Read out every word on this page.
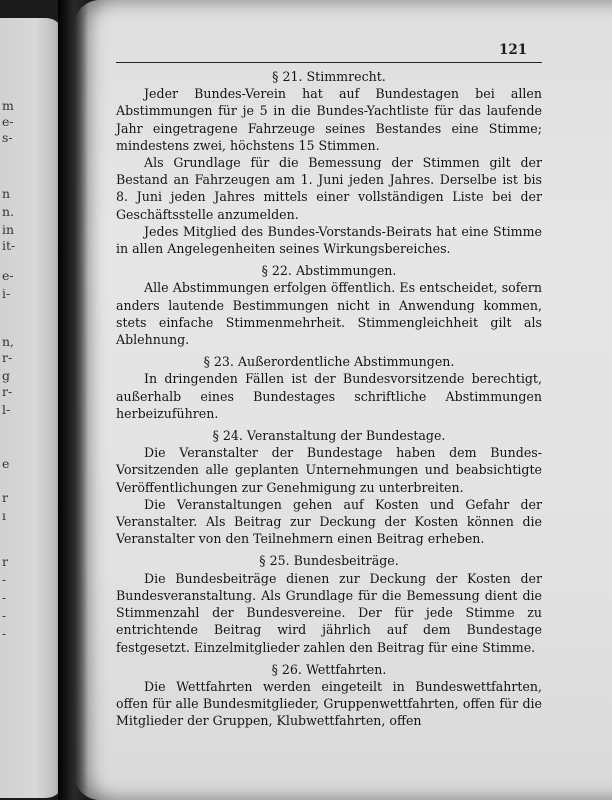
m
e-
s-
n
n.
in
it-
e-
i-
n,
r-
g
r-
l-
e
r
ı
r
-
-
-
-
121

§ 21. Stimmrecht.

Jeder Bundes-Verein hat auf Bundestagen bei allen Abstimmungen für je 5 in die Bundes-Yachtliste für das laufende Jahr eingetragene Fahrzeuge seines Bestandes eine Stimme; mindestens zwei, höchstens 15 Stimmen.

Als Grundlage für die Bemessung der Stimmen gilt der Bestand an Fahrzeugen am 1. Juni jeden Jahres. Derselbe ist bis 8. Juni jeden Jahres mittels einer vollständigen Liste bei der Geschäftsstelle anzumelden.

Jedes Mitglied des Bundes-Vorstands-Beirats hat eine Stimme in allen Angelegenheiten seines Wirkungsbereiches.

§ 22. Abstimmungen.

Alle Abstimmungen erfolgen öffentlich. Es entscheidet, sofern anders lautende Bestimmungen nicht in Anwendung kommen, stets einfache Stimmenmehrheit. Stimmengleichheit gilt als Ablehnung.

§ 23. Außerordentliche Abstimmungen.

In dringenden Fällen ist der Bundesvorsitzende berechtigt, außerhalb eines Bundestages schriftliche Abstimmungen herbeizuführen.

§ 24. Veranstaltung der Bundestage.

Die Veranstalter der Bundestage haben dem Bundes-Vorsitzenden alle geplanten Unternehmungen und beabsichtigte Veröffentlichungen zur Genehmigung zu unterbreiten.

Die Veranstaltungen gehen auf Kosten und Gefahr der Veranstalter. Als Beitrag zur Deckung der Kosten können die Veranstalter von den Teilnehmern einen Beitrag erheben.

§ 25. Bundesbeiträge.

Die Bundesbeiträge dienen zur Deckung der Kosten der Bundesveranstaltung. Als Grundlage für die Bemessung dient die Stimmenzahl der Bundesvereine. Der für jede Stimme zu entrichtende Beitrag wird jährlich auf dem Bundestage festgesetzt. Einzelmitglieder zahlen den Beitrag für eine Stimme.

§ 26. Wettfahrten.

Die Wettfahrten werden eingeteilt in Bundeswettfahrten, offen für alle Bundesmitglieder, Gruppenwettfahrten, offen für die Mitglieder der Gruppen, Klubwettfahrten, offen
